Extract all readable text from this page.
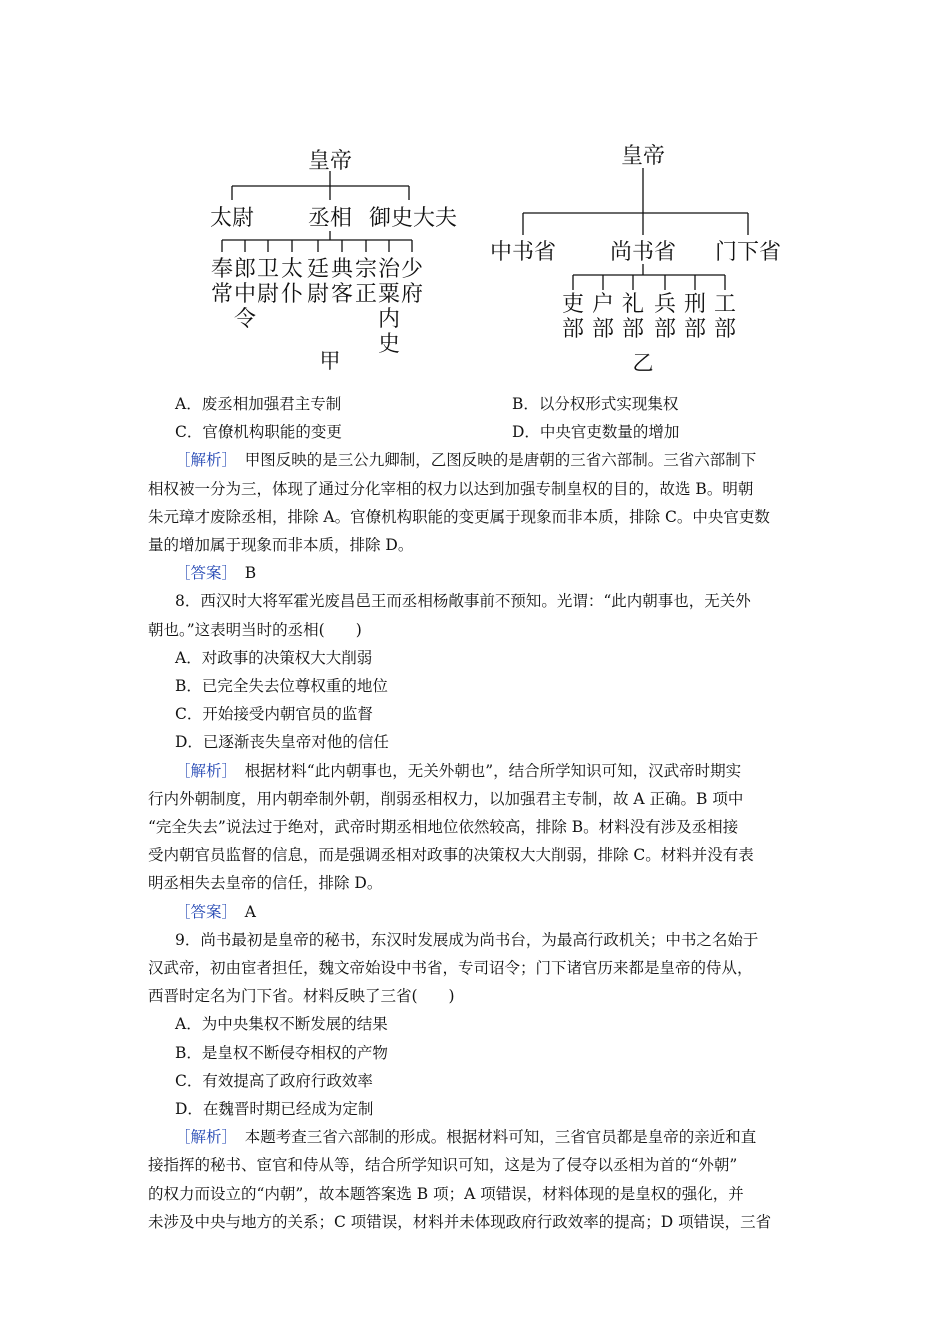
皇帝
太尉 丞相 御史大夫
奉常
郎中令
卫尉
太仆
廷尉
典客
宗正
治粟内史
少府
甲
皇帝
中书省 尚书省 门下省
吏部
户部
礼部
兵部
刑部
工部
乙
A．废丞相加强君主专制	B．以分权形式实现集权
C．官僚机构职能的变更	D．中央官吏数量的增加
［解析］　 甲图反映的是三公九卿制，乙图反映的是唐朝的三省六部制。三省六部制下
相权被一分为三，体现了通过分化宰相的权力以达到加强专制皇权的目的，故选 B。明朝
朱元璋才废除丞相，排除 A。官僚机构职能的变更属于现象而非本质，排除 C。中央官吏数
量的增加属于现象而非本质，排除 D。
［答案］　 B
8．西汉时大将军霍光废昌邑王而丞相杨敞事前不预知。光谓：“此内朝事也，无关外
朝也。”这表明当时的丞相(　　)
A．对政事的决策权大大削弱
B．已完全失去位尊权重的地位
C．开始接受内朝官员的监督
D．已逐渐丧失皇帝对他的信任
［解析］　 根据材料“此内朝事也，无关外朝也”，结合所学知识可知，汉武帝时期实
行内外朝制度，用内朝牵制外朝，削弱丞相权力，以加强君主专制，故 A 正确。B 项中
“完全失去”说法过于绝对，武帝时期丞相地位依然较高，排除 B。材料没有涉及丞相接
受内朝官员监督的信息，而是强调丞相对政事的决策权大大削弱，排除 C。材料并没有表
明丞相失去皇帝的信任，排除 D。
［答案］　 A
9．尚书最初是皇帝的秘书，东汉时发展成为尚书台，为最高行政机关；中书之名始于
汉武帝，初由宦者担任，魏文帝始设中书省，专司诏令；门下诸官历来都是皇帝的侍从，
西晋时定名为门下省。材料反映了三省(　　)
A．为中央集权不断发展的结果
B．是皇权不断侵夺相权的产物
C．有效提高了政府行政效率
D．在魏晋时期已经成为定制
［解析］　 本题考查三省六部制的形成。根据材料可知，三省官员都是皇帝的亲近和直
接指挥的秘书、宦官和侍从等，结合所学知识可知，这是为了侵夺以丞相为首的“外朝”
的权力而设立的“内朝”，故本题答案选 B 项；A 项错误，材料体现的是皇权的强化，并
未涉及中央与地方的关系；C 项错误，材料并未体现政府行政效率的提高；D 项错误，三省
